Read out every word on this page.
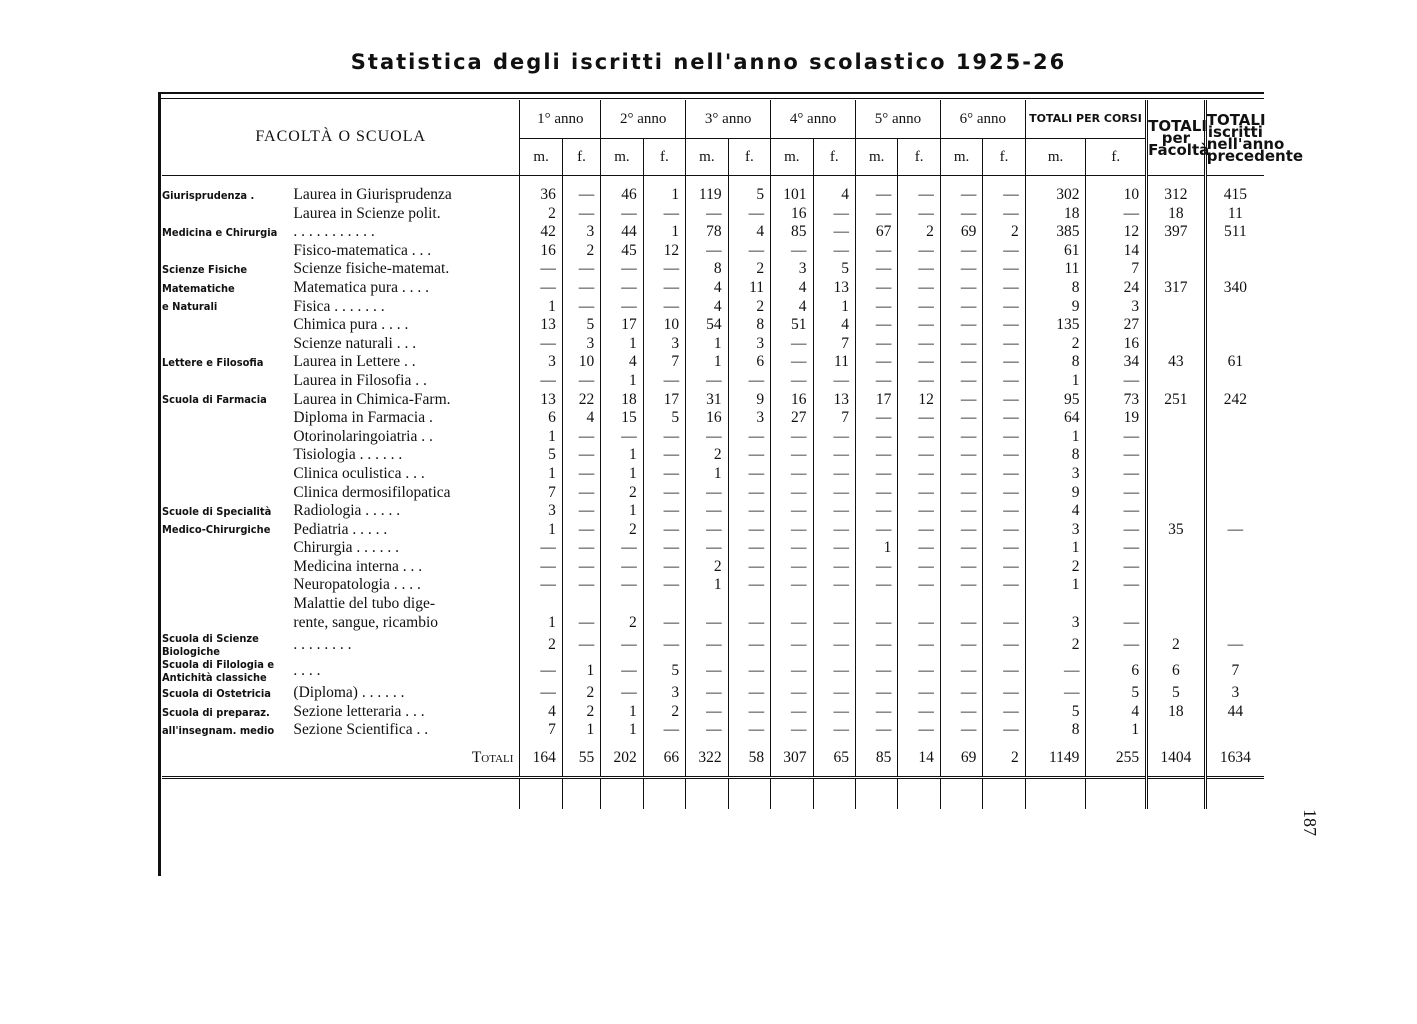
Statistica degli iscritti nell'anno scolastico 1925-26
FACOLTÀ O SCUOLA		1° anno		2° anno		3° anno		4° anno		5° anno		6° anno		TOTALI PER CORSI		TOTALI per Facoltà	TOTALI iscritti nell'anno precedente
		m.	f.	m.	f.	m.	f.	m.	f.	m.	f.	m.	f.	m.	f.		

Giurisprudenza .	Laurea in Giurisprudenza	36	—	46	1	119	5	101	4	—	—	—	—	302	10	312	415
	Laurea in Scienze polit.	2	—	—	—	—	—	16	—	—	—	—	—	18	—	18	11
Medicina e Chirurgia	. . . . . . . . . . .	42	3	44	1	78	4	85	—	67	2	69	2	385	12	397	511
	Fisico-matematica . . .	16	2	45	12	—	—	—	—	—	—	—	—	61	14		
Scienze Fisiche	Scienze fisiche-matemat.	—	—	—	—	8	2	3	5	—	—	—	—	11	7		
Matematiche	Matematica pura . . . .	—	—	—	—	4	11	4	13	—	—	—	—	8	24	317	340
e Naturali	Fisica . . . . . . .	1	—	—	—	4	2	4	1	—	—	—	—	9	3		
	Chimica pura . . . .	13	5	17	10	54	8	51	4	—	—	—	—	135	27		
	Scienze naturali . . .	—	3	1	3	1	3	—	7	—	—	—	—	2	16		
Lettere e Filosofia	Laurea in Lettere . .	3	10	4	7	1	6	—	11	—	—	—	—	8	34	43	61
	Laurea in Filosofia . .	—	—	1	—	—	—	—	—	—	—	—	—	1	—		
Scuola di Farmacia	Laurea in Chimica-Farm.	13	22	18	17	31	9	16	13	17	12	—	—	95	73	251	242
	Diploma in Farmacia .	6	4	15	5	16	3	27	7	—	—	—	—	64	19		
	Otorinolaringoiatria . .	1	—	—	—	—	—	—	—	—	—	—	—	1	—		
	Tisiologia . . . . . .	5	—	1	—	2	—	—	—	—	—	—	—	8	—		
	Clinica oculistica . . .	1	—	1	—	1	—	—	—	—	—	—	—	3	—		
	Clinica dermosifilopatica	7	—	2	—	—	—	—	—	—	—	—	—	9	—		
Scuole di Specialità	Radiologia . . . . .	3	—	1	—	—	—	—	—	—	—	—	—	4	—		
Medico-Chirurgiche	Pediatria . . . . .	1	—	2	—	—	—	—	—	—	—	—	—	3	—	35	—
	Chirurgia . . . . . .	—	—	—	—	—	—	—	—	1	—	—	—	1	—		
	Medicina interna . . .	—	—	—	—	2	—	—	—	—	—	—	—	2	—		
	Neuropatologia . . . .	—	—	—	—	1	—	—	—	—	—	—	—	1	—		
	Malattie del tubo dige-																
	rente, sangue, ricambio	1	—	2	—	—	—	—	—	—	—	—	—	3	—		
Scuola di Scienze Biologiche	. . . . . . . .	2	—	—	—	—	—	—	—	—	—	—	—	2	—	2	—
Scuola di Filologia e Antichità classiche	. . . .	—	1	—	5	—	—	—	—	—	—	—	—	—	6	6	7
Scuola di Ostetricia	(Diploma) . . . . . .	—	2	—	3	—	—	—	—	—	—	—	—	—	5	5	3
Scuola di preparaz.	Sezione letteraria . . .	4	2	1	2	—	—	—	—	—	—	—	—	5	4	18	44
all'insegnam. medio	Sezione Scientifica . .	7	1	1	—	—	—	—	—	—	—	—	—	8	1		
Totali		164	55	202	66	322	58	307	65	85	14	69	2	1149	255	1404	1634

187
